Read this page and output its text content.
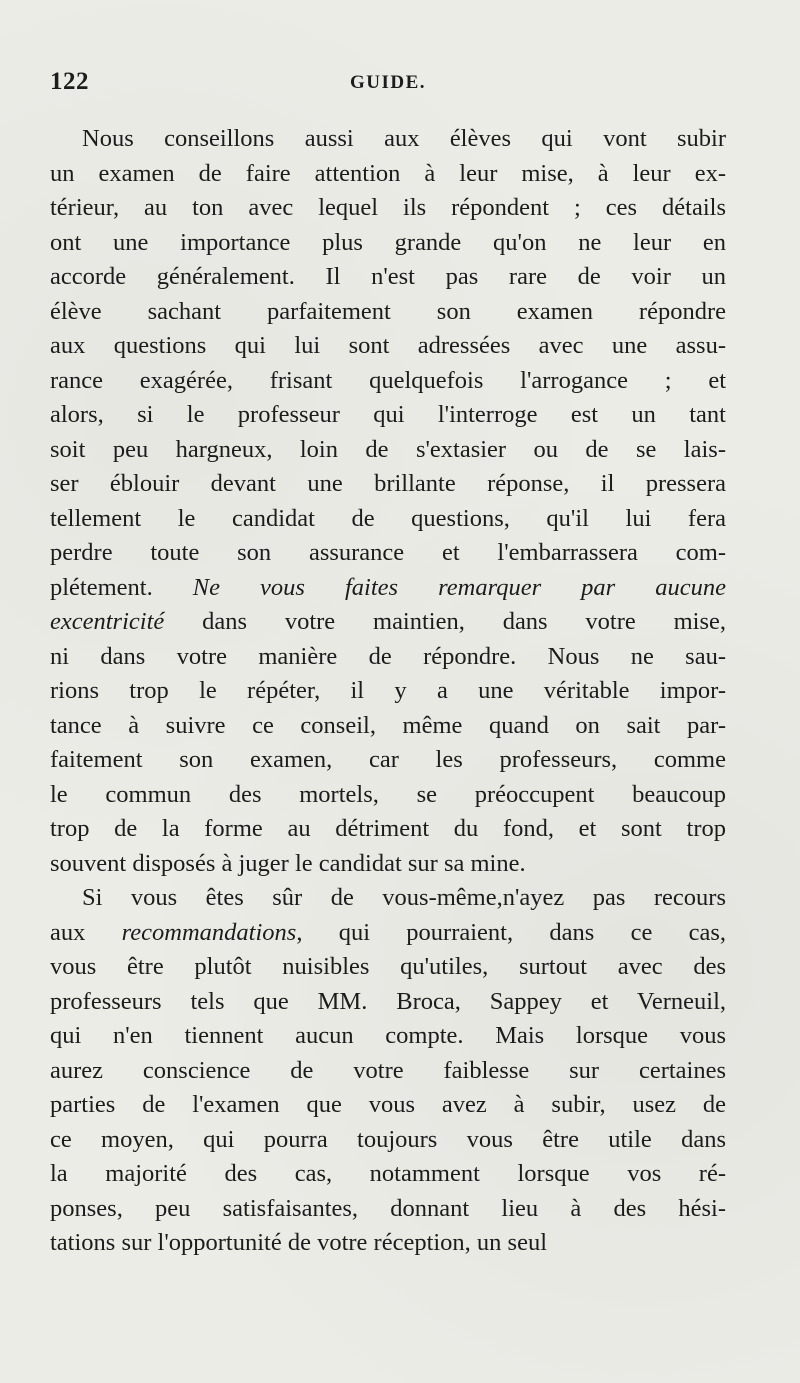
122	GUIDE.
Nous conseillons aussi aux élèves qui vont subir
un examen de faire attention à leur mise, à leur ex-
térieur, au ton avec lequel ils répondent ; ces détails
ont une importance plus grande qu'on ne leur en
accorde généralement. Il n'est pas rare de voir un
élève sachant parfaitement son examen répondre
aux questions qui lui sont adressées avec une assu-
rance exagérée, frisant quelquefois l'arrogance ; et
alors, si le professeur qui l'interroge est un tant
soit peu hargneux, loin de s'extasier ou de se lais-
ser éblouir devant une brillante réponse, il pressera
tellement le candidat de questions, qu'il lui fera
perdre toute son assurance et l'embarrassera com-
plétement. Ne vous faites remarquer par aucune
excentricité dans votre maintien, dans votre mise,
ni dans votre manière de répondre. Nous ne sau-
rions trop le répéter, il y a une véritable impor-
tance à suivre ce conseil, même quand on sait par-
faitement son examen, car les professeurs, comme
le commun des mortels, se préoccupent beaucoup
trop de la forme au détriment du fond, et sont trop
souvent disposés à juger le candidat sur sa mine.
Si vous êtes sûr de vous-même,n'ayez pas recours
aux recommandations, qui pourraient, dans ce cas,
vous être plutôt nuisibles qu'utiles, surtout avec des
professeurs tels que MM. Broca, Sappey et Verneuil,
qui n'en tiennent aucun compte. Mais lorsque vous
aurez conscience de votre faiblesse sur certaines
parties de l'examen que vous avez à subir, usez de
ce moyen, qui pourra toujours vous être utile dans
la majorité des cas, notamment lorsque vos ré-
ponses, peu satisfaisantes, donnant lieu à des hési-
tations sur l'opportunité de votre réception, un seul
